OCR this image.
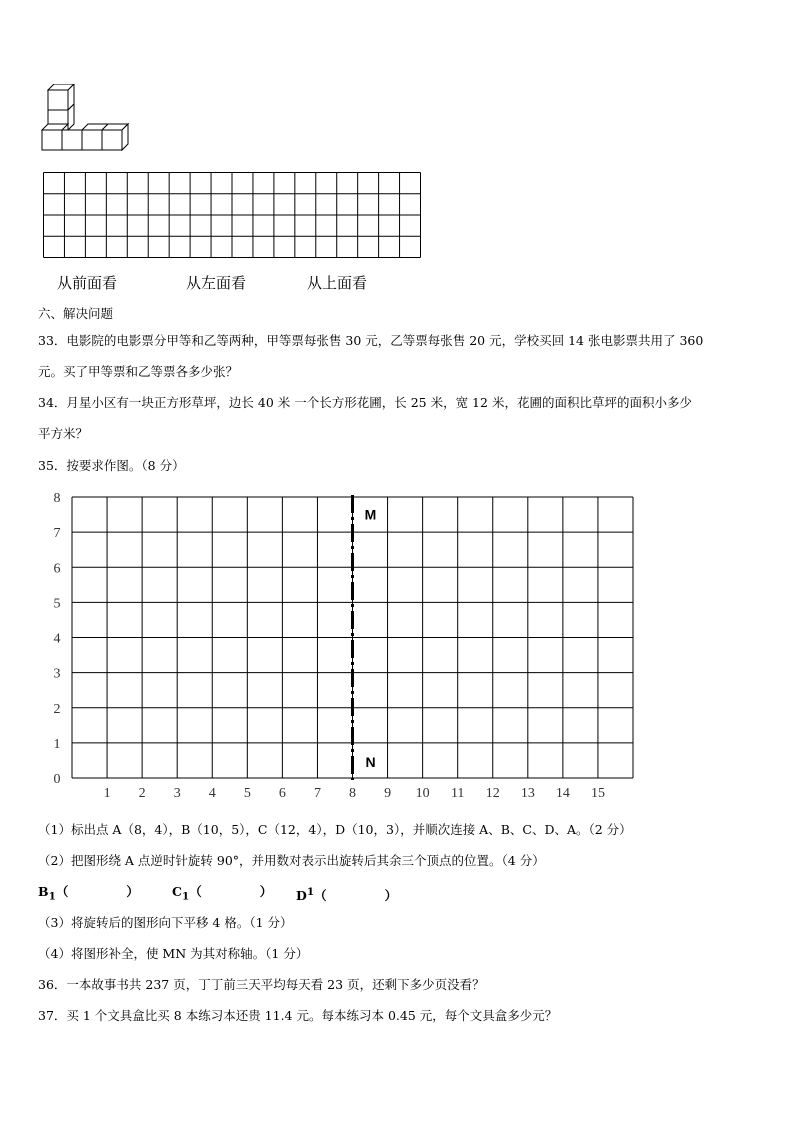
从前面看	从左面看	从上面看
六、解决问题
33．电影院的电影票分甲等和乙等两种，甲等票每张售 30 元，乙等票每张售 20 元，学校买回 14 张电影票共用了 360
元。买了甲等票和乙等票各多少张？
34．月星小区有一块正方形草坪，边长 40 米 一个长方形花圃，长 25 米，宽 12 米，花圃的面积比草坪的面积小多少
平方米？
35．按要求作图。（8 分）
1 2 3 4 5 6 7 8 9 10 11 12 13 14 15
0
1
2
3
4
5
6
7
8
M
N
（1）标出点 A（8，4），B（10，5），C（12，4），D（10，3），并顺次连接 A、B、C、D、A。（2 分）
（2）把图形绕 A 点逆时针旋转 90°，并用数对表示出旋转后其余三个顶点的位置。（4 分）
$B_1$（	）	$C_1$（	） $D^1$（	）
（3）将旋转后的图形向下平移 4 格。（1 分）
（4）将图形补全，使 MN 为其对称轴。（1 分）
36．一本故事书共 237 页，丁丁前三天平均每天看 23 页，还剩下多少页没看？
37．买 1 个文具盒比买 8 本练习本还贵 11.4 元。每本练习本 0.45 元，每个文具盒多少元？
